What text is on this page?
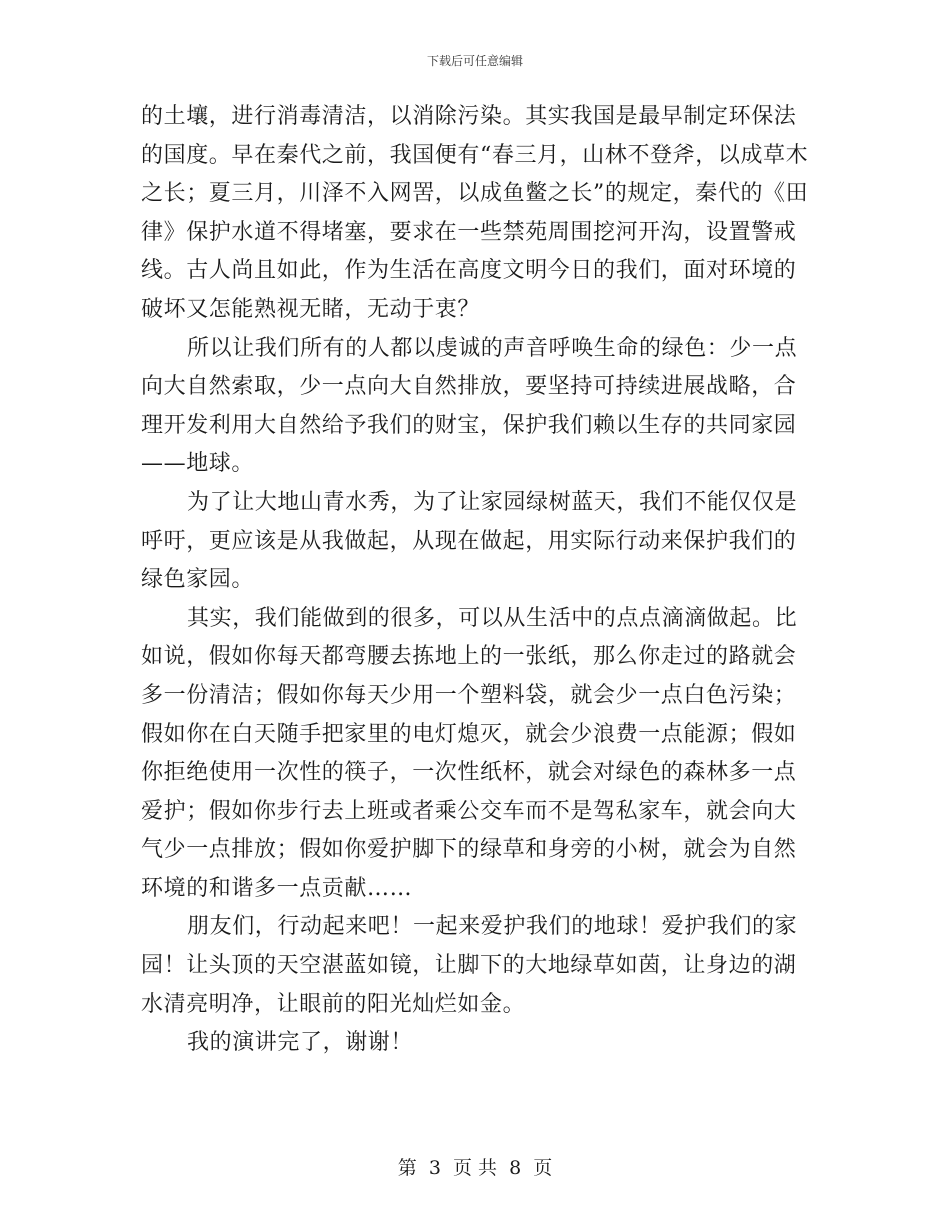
下载后可任意编辑

的土壤，进行消毒清洁，以消除污染。其实我国是最早制定环保法的国度。早在秦代之前，我国便有“春三月，山林不登斧，以成草木之长；夏三月，川泽不入网罟，以成鱼鳖之长”的规定，秦代的《田律》保护水道不得堵塞，要求在一些禁苑周围挖河开沟，设置警戒线。古人尚且如此，作为生活在高度文明今日的我们，面对环境的破坏又怎能熟视无睹，无动于衷？

所以让我们所有的人都以虔诚的声音呼唤生命的绿色：少一点向大自然索取，少一点向大自然排放，要坚持可持续进展战略，合理开发利用大自然给予我们的财宝，保护我们赖以生存的共同家园——地球。

为了让大地山青水秀，为了让家园绿树蓝天，我们不能仅仅是呼吁，更应该是从我做起，从现在做起，用实际行动来保护我们的绿色家园。

其实，我们能做到的很多，可以从生活中的点点滴滴做起。比如说，假如你每天都弯腰去拣地上的一张纸，那么你走过的路就会多一份清洁；假如你每天少用一个塑料袋，就会少一点白色污染；假如你在白天随手把家里的电灯熄灭，就会少浪费一点能源；假如你拒绝使用一次性的筷子，一次性纸杯，就会对绿色的森林多一点爱护；假如你步行去上班或者乘公交车而不是驾私家车，就会向大气少一点排放；假如你爱护脚下的绿草和身旁的小树，就会为自然环境的和谐多一点贡献……

朋友们，行动起来吧！一起来爱护我们的地球！爱护我们的家园！让头顶的天空湛蓝如镜，让脚下的大地绿草如茵，让身边的湖水清亮明净，让眼前的阳光灿烂如金。

我的演讲完了，谢谢！

第 3 页 共 8 页
